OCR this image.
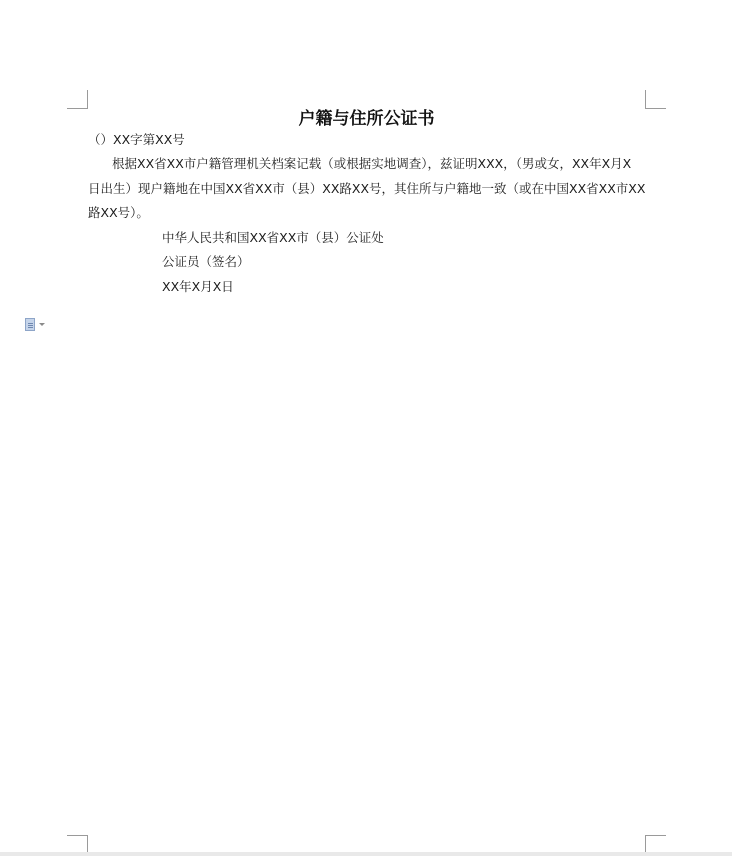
户籍与住所公证书
（）XX字第XX号
根据XX省XX市户籍管理机关档案记载（或根据实地调查），兹证明XXX，（男或女，XX年X月X
日出生）现户籍地在中国XX省XX市（县）XX路XX号，其住所与户籍地一致（或在中国XX省XX市XX
路XX号）。
中华人民共和国XX省XX市（县）公证处
公证员（签名）
XX年X月X日
